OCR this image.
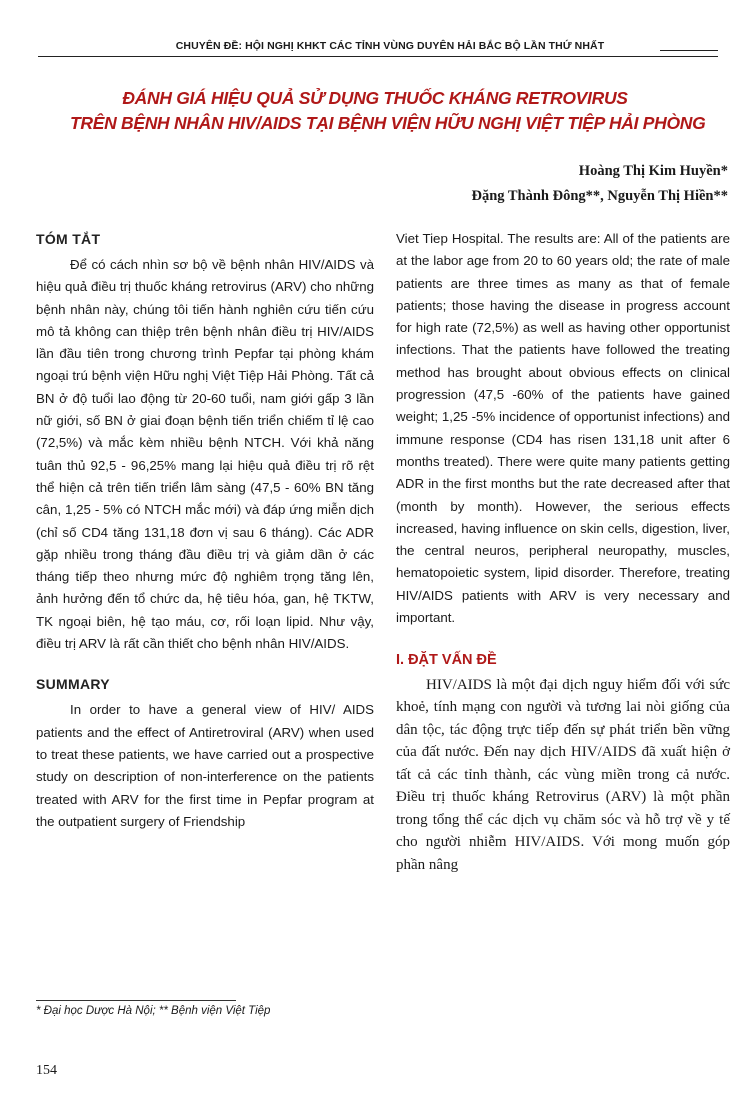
CHUYÊN ĐỀ: HỘI NGHỊ KHKT CÁC TỈNH VÙNG DUYÊN HẢI BẮC BỘ LẦN THỨ NHẤT
ĐÁNH GIÁ HIỆU QUẢ SỬ DỤNG THUỐC KHÁNG RETROVIRUS
TRÊN BỆNH NHÂN HIV/AIDS TẠI BỆNH VIỆN HỮU NGHỊ VIỆT TIỆP HẢI PHÒNG
Hoàng Thị Kim Huyền*
Đặng Thành Đông**, Nguyễn Thị Hiền**
TÓM TẮT

Để có cách nhìn sơ bộ về bệnh nhân HIV/AIDS và hiệu quả điều trị thuốc kháng retrovirus (ARV) cho những bệnh nhân này, chúng tôi tiến hành nghiên cứu tiến cứu mô tả không can thiệp trên bệnh nhân điều trị HIV/AIDS lần đầu tiên trong chương trình Pepfar tại phòng khám ngoại trú bệnh viện Hữu nghị Việt Tiệp Hải Phòng. Tất cả BN ở độ tuổi lao động từ 20-60 tuổi, nam giới gấp 3 lần nữ giới, số BN ở giai đoạn bệnh tiến triển chiếm tỉ lệ cao (72,5%) và mắc kèm nhiều bệnh NTCH. Với khả năng tuân thủ 92,5 - 96,25% mang lại hiệu quả điều trị rõ rệt thể hiện cả trên tiến triển lâm sàng (47,5 - 60% BN tăng cân, 1,25 - 5% có NTCH mắc mới) và đáp ứng miễn dịch (chỉ số CD4 tăng 131,18 đơn vị sau 6 tháng). Các ADR gặp nhiều trong tháng đầu điều trị và giảm dần ở các tháng tiếp theo nhưng mức độ nghiêm trọng tăng lên, ảnh hưởng đến tổ chức da, hệ tiêu hóa, gan, hệ TKTW, TK ngoại biên, hệ tạo máu, cơ, rối loạn lipid. Như vậy, điều trị ARV là rất cần thiết cho bệnh nhân HIV/AIDS.

SUMMARY

In order to have a general view of HIV/ AIDS patients and the effect of Antiretroviral (ARV) when used to treat these patients, we have carried out a prospective study on description of non-interference on the patients treated with ARV for the first time in Pepfar program at the outpatient surgery of Friendship

Viet Tiep Hospital. The results are: All of the patients are at the labor age from 20 to 60 years old; the rate of male patients are three times as many as that of female patients; those having the disease in progress account for high rate (72,5%) as well as having other opportunist infections. That the patients have followed the treating method has brought about obvious effects on clinical progression (47,5 -60% of the patients have gained weight; 1,25 -5% incidence of opportunist infections) and immune response (CD4 has risen 131,18 unit after 6 months treated). There were quite many patients getting ADR in the first months but the rate decreased after that (month by month). However, the serious effects increased, having influence on skin cells, digestion, liver, the central neuros, peripheral neuropathy, muscles, hematopoietic system, lipid disorder. Therefore, treating HIV/AIDS patients with ARV is very necessary and important.

I. ĐẶT VẤN ĐỀ

HIV/AIDS là một đại dịch nguy hiểm đối với sức khoẻ, tính mạng con người và tương lai nòi giống của dân tộc, tác động trực tiếp đến sự phát triển bền vững của đất nước. Đến nay dịch HIV/AIDS đã xuất hiện ở tất cả các tỉnh thành, các vùng miền trong cả nước. Điều trị thuốc kháng Retrovirus (ARV) là một phần trong tổng thể các dịch vụ chăm sóc và hỗ trợ về y tế cho người nhiễm HIV/AIDS. Với mong muốn góp phần nâng

* Đại học Dược Hà Nội; ** Bệnh viện Việt Tiệp
154
